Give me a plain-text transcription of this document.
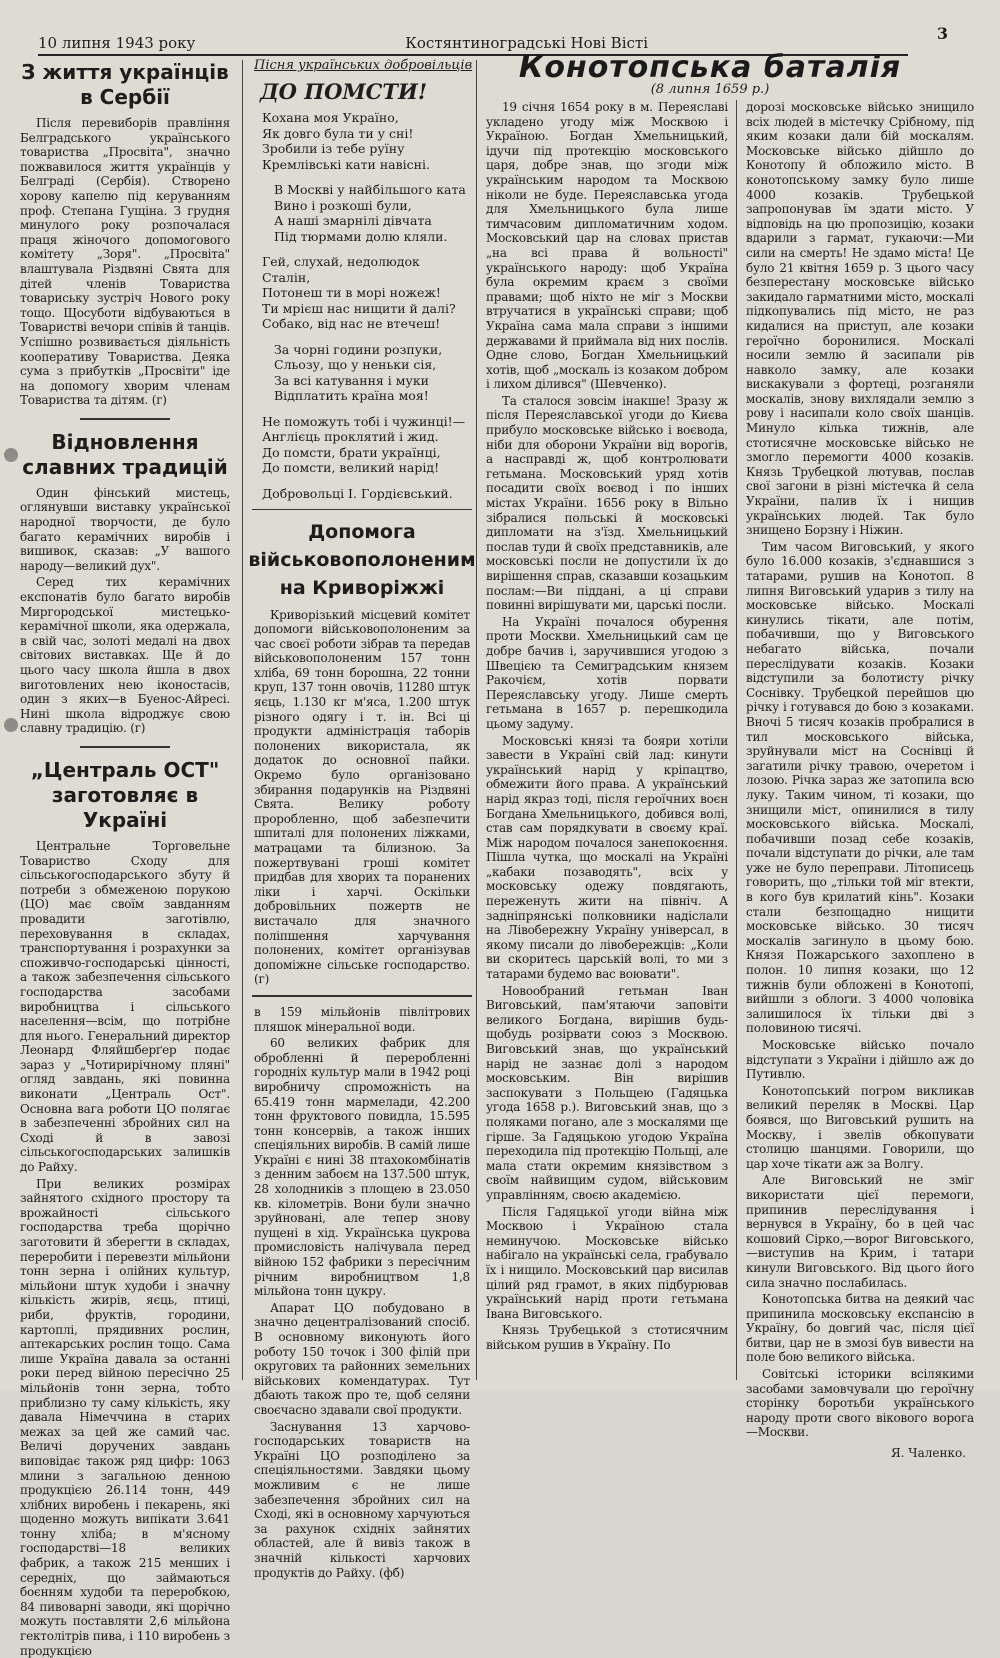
10 липня 1943 року	Костянтиноградські Нові Вісті	3
З життя українців в Сербії
Після перевиборів правління Белградського українського товариства „Просвіта", значно пожвавилося життя українців у Белграді (Сербія). Створено хорову капелю під керуванням проф. Степана Гущіна. З грудня минулого року розпочалася праця жіночого допомогового комітету „Зоря". „Просвіта" влаштувала Різдвяні Свята для дітей членів Товариства товариську зустріч Нового року тощо. Щосуботи відбуваються в Товаристві вечори співів й танців. Успішно розвивається діяльність кооперативу Товариства. Деяка сума з прибутків „Просвіти" іде на допомогу хворим членам Товариства та дітям. (г)
Відновлення славних традицій
Один фінський мистець, оглянувши виставку української народної творчости, де було багато керамічних виробів і вишивок, сказав: „У вашого народу—великий дух".
Серед тих керамічних експонатів було багато виробів Миргородської мистецько-керамічної школи, яка одержала, в свій час, золоті медалі на двох світових виставках. Ще й до цього часу школа йшла в двох виготовлених нею іконостасів, один з яких—в Буенос-Айресі. Нині школа відроджує свою славну традицію. (г)
„Централь ОСТ" заготовляє в Україні
Центральне Торговельне Товариство Сходу для сільськогосподарського збуту й потреби з обмеженою порукою (ЦО) має своїм завданням провадити заготівлю, переховування в складах, транспортування і розрахунки за споживчо-господарські цінності, а також забезпечення сільського господарства засобами виробництва і сільського населення—всім, що потрібне для нього. Генеральний директор Леонард Фляйшберґер подає зараз у „Чотирирічному пляні" огляд завдань, які повинна виконати „Централь Ост". Основна вага роботи ЦО полягає в забезпеченні збройних сил на Сході й в завозі сільськогосподарських залишків до Райху.
При великих розмірах зайнятого східного простору та врожайності сільського господарства треба щорічно заготовити й зберегти в складах, переробити і перевезти мільйони тонн зерна і олійних культур, мільйони штук худоби і значну кількість жирів, яєць, птиці, риби, фруктів, городини, картоплі, прядивних рослин, аптекарських рослин тощо. Сама лише Україна давала за останні роки перед війною пересічно 25 мільйонів тонн зерна, тобто приблизно ту саму кількість, яку давала Німеччина в старих межах за цей же самий час. Величі доручених завдань виповідає також ряд цифр: 1063 млини з загальною денною продукцією 26.114 тонн, 449 хлібних виробень і пекарень, які щоденно можуть випікати 3.641 тонну хліба; в м'ясному господарстві—18 великих фабрик, а також 215 менших і середніх, що займаються боєнням худоби та переробкою, 84 пивоварні заводи, які щорічно можуть поставляти 2,6 мільйона гектолітрів пива, і 110 виробень з продукцією
Пісня українських добровільців
ДО ПОМСТИ!
Кохана моя Україно,
Як довго була ти у сні!
Зробили із тебе руїну
Кремлівські кати навісні.
В Москві у найбільшого ката
Вино і розкоші були,
А наші змарнілі дівчата
Під тюрмами долю кляли.
Гей, слухай, недолюдок Сталін,
Потонеш ти в морі ножеж!
Ти мрієш нас нищити й далі?
Собако, від нас не втечеш!
За чорні години розпуки,
Сльозу, що у неньки сія,
За всі катування і муки
Відплатить країна моя!
Не поможуть тобі і чужинці!—
Англієць проклятий і жид.
До помсти, брати українці,
До помсти, великий нарід!
Добровольці І. Гордієвський.
Допомога військовополоненим на Криворіжжі
Криворізький місцевий комітет допомоги військовополоненим за час своєї роботи зібрав та передав військовополоненим 157 тонн хліба, 69 тонн борошна, 22 тонни круп, 137 тонн овочів, 11280 штук яєць, 1.130 кг м'яса, 1.200 штук різного одягу і т. ін. Всі ці продукти адміністрація таборів полонених використала, як додаток до основної пайки. Окремо було організовано збирання подарунків на Різдвяні Свята. Велику роботу проробленно, щоб забезпечити шпиталі для полонених ліжками, матрацами та білизною. За пожертвувані гроші комітет придбав для хворих та поранених ліки і харчі. Оскільки добровільних пожертв не вистачало для значного поліпшення харчування полонених, комітет організував допоміжне сільське господарство. (г)
в 159 мільйонів півлітрових пляшок мінеральної води.
60 великих фабрик для обробленні й переробленні городніх культур мали в 1942 році виробничу спроможність на 65.419 тонн мармелади, 42.200 тонн фруктового повидла, 15.595 тонн консервів, а також інших спеціяльних виробів. В самій лише Україні є нині 38 птахокомбінатів з денним забоєм на 137.500 штук, 28 холодників з площею в 23.050 кв. кілометрів. Вони були значно зруйновані, але тепер знову пущені в хід. Українська цукрова промисловість налічувала перед війною 152 фабрики з пересічним річним виробництвом 1,8 мільйона тонн цукру.
Апарат ЦО побудовано в значно децентралізований спосіб. В основному виконують його роботу 150 точок і 300 філій при округових та районних земельних військових комендатурах. Тут дбають також про те, щоб селяни своєчасно здавали свої продукти.
Заснування 13 харчово-господарських товариств на Україні ЦО розподілено за спеціяльностями. Завдяки цьому можливим є не лише забезпечення збройних сил на Сході, які в основному харчуються за рахунок східніх зайнятих областей, але й вивіз також в значній кількості харчових продуктів до Райху. (фб)
Конотопська баталія
(8 липня 1659 р.)
19 січня 1654 року в м. Переяславі укладено угоду між Москвою і Україною. Богдан Хмельницький, ідучи під протекцію московського царя, добре знав, що згоди між українським народом та Москвою ніколи не буде. Переяславська угода для Хмельницького була лише тимчасовим дипломатичним ходом. Московський цар на словах пристав „на всі права й вольності" українського народу: щоб Україна була окремим краєм з своїми правами; щоб ніхто не міг з Москви втручатися в українські справи; щоб Україна сама мала справи з іншими державами й приймала від них послів. Одне слово, Богдан Хмельницький хотів, щоб „москаль із козаком добром і лихом ділився" (Шевченко).
Та сталося зовсім інакше! Зразу ж після Переяславської угоди до Києва прибуло московське військо і воєвода, ніби для оборони України від ворогів, а насправді ж, щоб контролювати гетьмана. Московський уряд хотів посадити своїх воєвод і по інших містах України. 1656 року в Вільно зібралися польські й московські дипломати на з'їзд. Хмельницький послав туди й своїх представників, але московські посли не допустили їх до вирішення справ, сказавши козацьким послам:—Ви піддані, а ці справи повинні вирішувати ми, царські посли.
На Україні почалося обурення проти Москви. Хмельницький сам це добре бачив і, заручившися угодою з Швецією та Семиградським князем Ракочієм, хотів порвати Переяславську угоду. Лише смерть гетьмана в 1657 р. перешкодила цьому задуму.
Московські князі та бояри хотіли завести в Україні свій лад: кинути український нарід у кріпацтво, обмежити його права. А український нарід якраз тоді, після героїчних воєн Богдана Хмельницького, добився волі, став сам порядкувати в своєму краї. Між народом почалося занепокоєння. Пішла чутка, що москалі на Україні „кабаки позаводять", всіх у московську одежу повдягають, переженуть жити на північ. А задніпрянські полковники надіслали на Лівобережну Україну універсал, в якому писали до лівобережців: „Коли ви скоритесь царській волі, то ми з татарами будемо вас воювати".
Новообраний гетьман Іван Виговський, пам'ятаючи заповіти великого Богдана, вирішив будь-щобудь розірвати союз з Москвою. Виговський знав, що український нарід не зазнає долі з народом московським. Він вирішив заспокувати з Польщею (Гадяцька угода 1658 р.). Виговський знав, що з поляками погано, але з москалями ще гірше. За Гадяцькою угодою Україна переходила під протекцію Польщі, але мала стати окремим князівством з своїм найвищим судом, військовим управлінням, своєю академією.
Після Гадяцької угоди війна між Москвою і Україною стала неминучою. Московське військо набігало на українські села, грабувало їх і нищило. Московський цар висилав цілий ряд грамот, в яких підбурював український нарід проти гетьмана Івана Виговського.
Князь Трубецькой з стотисячним військом рушив в Україну. По
дорозі московське військо знищило всіх людей в містечку Срібному, під яким козаки дали бій москалям. Московське військо дійшло до Конотопу й обложило місто. В конотопському замку було лише 4000 козаків. Трубецькой запропонував їм здати місто. У відповідь на цю пропозицію, козаки вдарили з гармат, гукаючи:—Ми сили на смерть! Не здамо міста! Це було 21 квітня 1659 р. З цього часу безперестану московське військо закидало гарматними місто, москалі підкопувались під місто, не раз кидалися на приступ, але козаки героїчно боронилися. Москалі носили землю й засипали рів навколо замку, але козаки вискакували з фортеці, розганяли москалів, знову вихлядали землю з рову і насипали коло своїх шанців. Минуло кілька тижнів, але стотисячне московське військо не змогло перемогти 4000 козаків. Князь Трубецкой лютував, послав свої загони в різні містечка й села України, палив їх і нищив українських людей. Так було знищено Борзну і Ніжин.
Тим часом Виговський, у якого було 16.000 козаків, з'єднавшися з татарами, рушив на Конотоп. 8 липня Виговський ударив з тилу на московське військо. Москалі кинулись тікати, але потім, побачивши, що у Виговського небагато війська, почали переслідувати козаків. Козаки відступили за болотисту річку Соснівку. Трубецкой перейшов цю річку і готувався до бою з козаками. Вночі 5 тисяч козаків пробралися в тил московського війська, зруйнували міст на Соснівці й загатили річку травою, очеретом і лозою. Річка зараз же затопила всю луку. Таким чином, ті козаки, що знищили міст, опинилися в тилу московського війська. Москалі, побачивши позад себе козаків, почали відступати до річки, але там уже не було переправи. Літописець говорить, що „тільки той міг втекти, в кого був крилатий кінь". Козаки стали безпощадно нищити московське військо. 30 тисяч москалів загинуло в цьому бою. Князя Пожарського захоплено в полон. 10 липня козаки, що 12 тижнів були обложені в Конотопі, вийшли з облоги. З 4000 чоловіка залишилося їх тільки дві з половиною тисячі.
Московське військо почало відступати з України і дійшло аж до Путивлю.
Конотопський погром викликав великий переляк в Москві. Цар боявся, що Виговський рушить на Москву, і звелів обкопувати столицю шанцями. Говорили, що цар хоче тікати аж за Волгу.
Але Виговський не зміг використати цієї перемоги, припинив переслідування і вернувся в Україну, бо в цей час кошовий Сірко,—ворог Виговського,—виступив на Крим, і татари кинули Виговського. Від цього його сила значно послабилась.
Конотопська битва на деякий час припинила московську експансію в Україну, бо довгий час, після цієї битви, цар не в змозі був вивести на поле бою великого війська.
Совітські історики всілякими засобами замовчували цю героїчну сторінку боротьби українського народу проти свого вікового ворога—Москви.
Я. Чаленко.
